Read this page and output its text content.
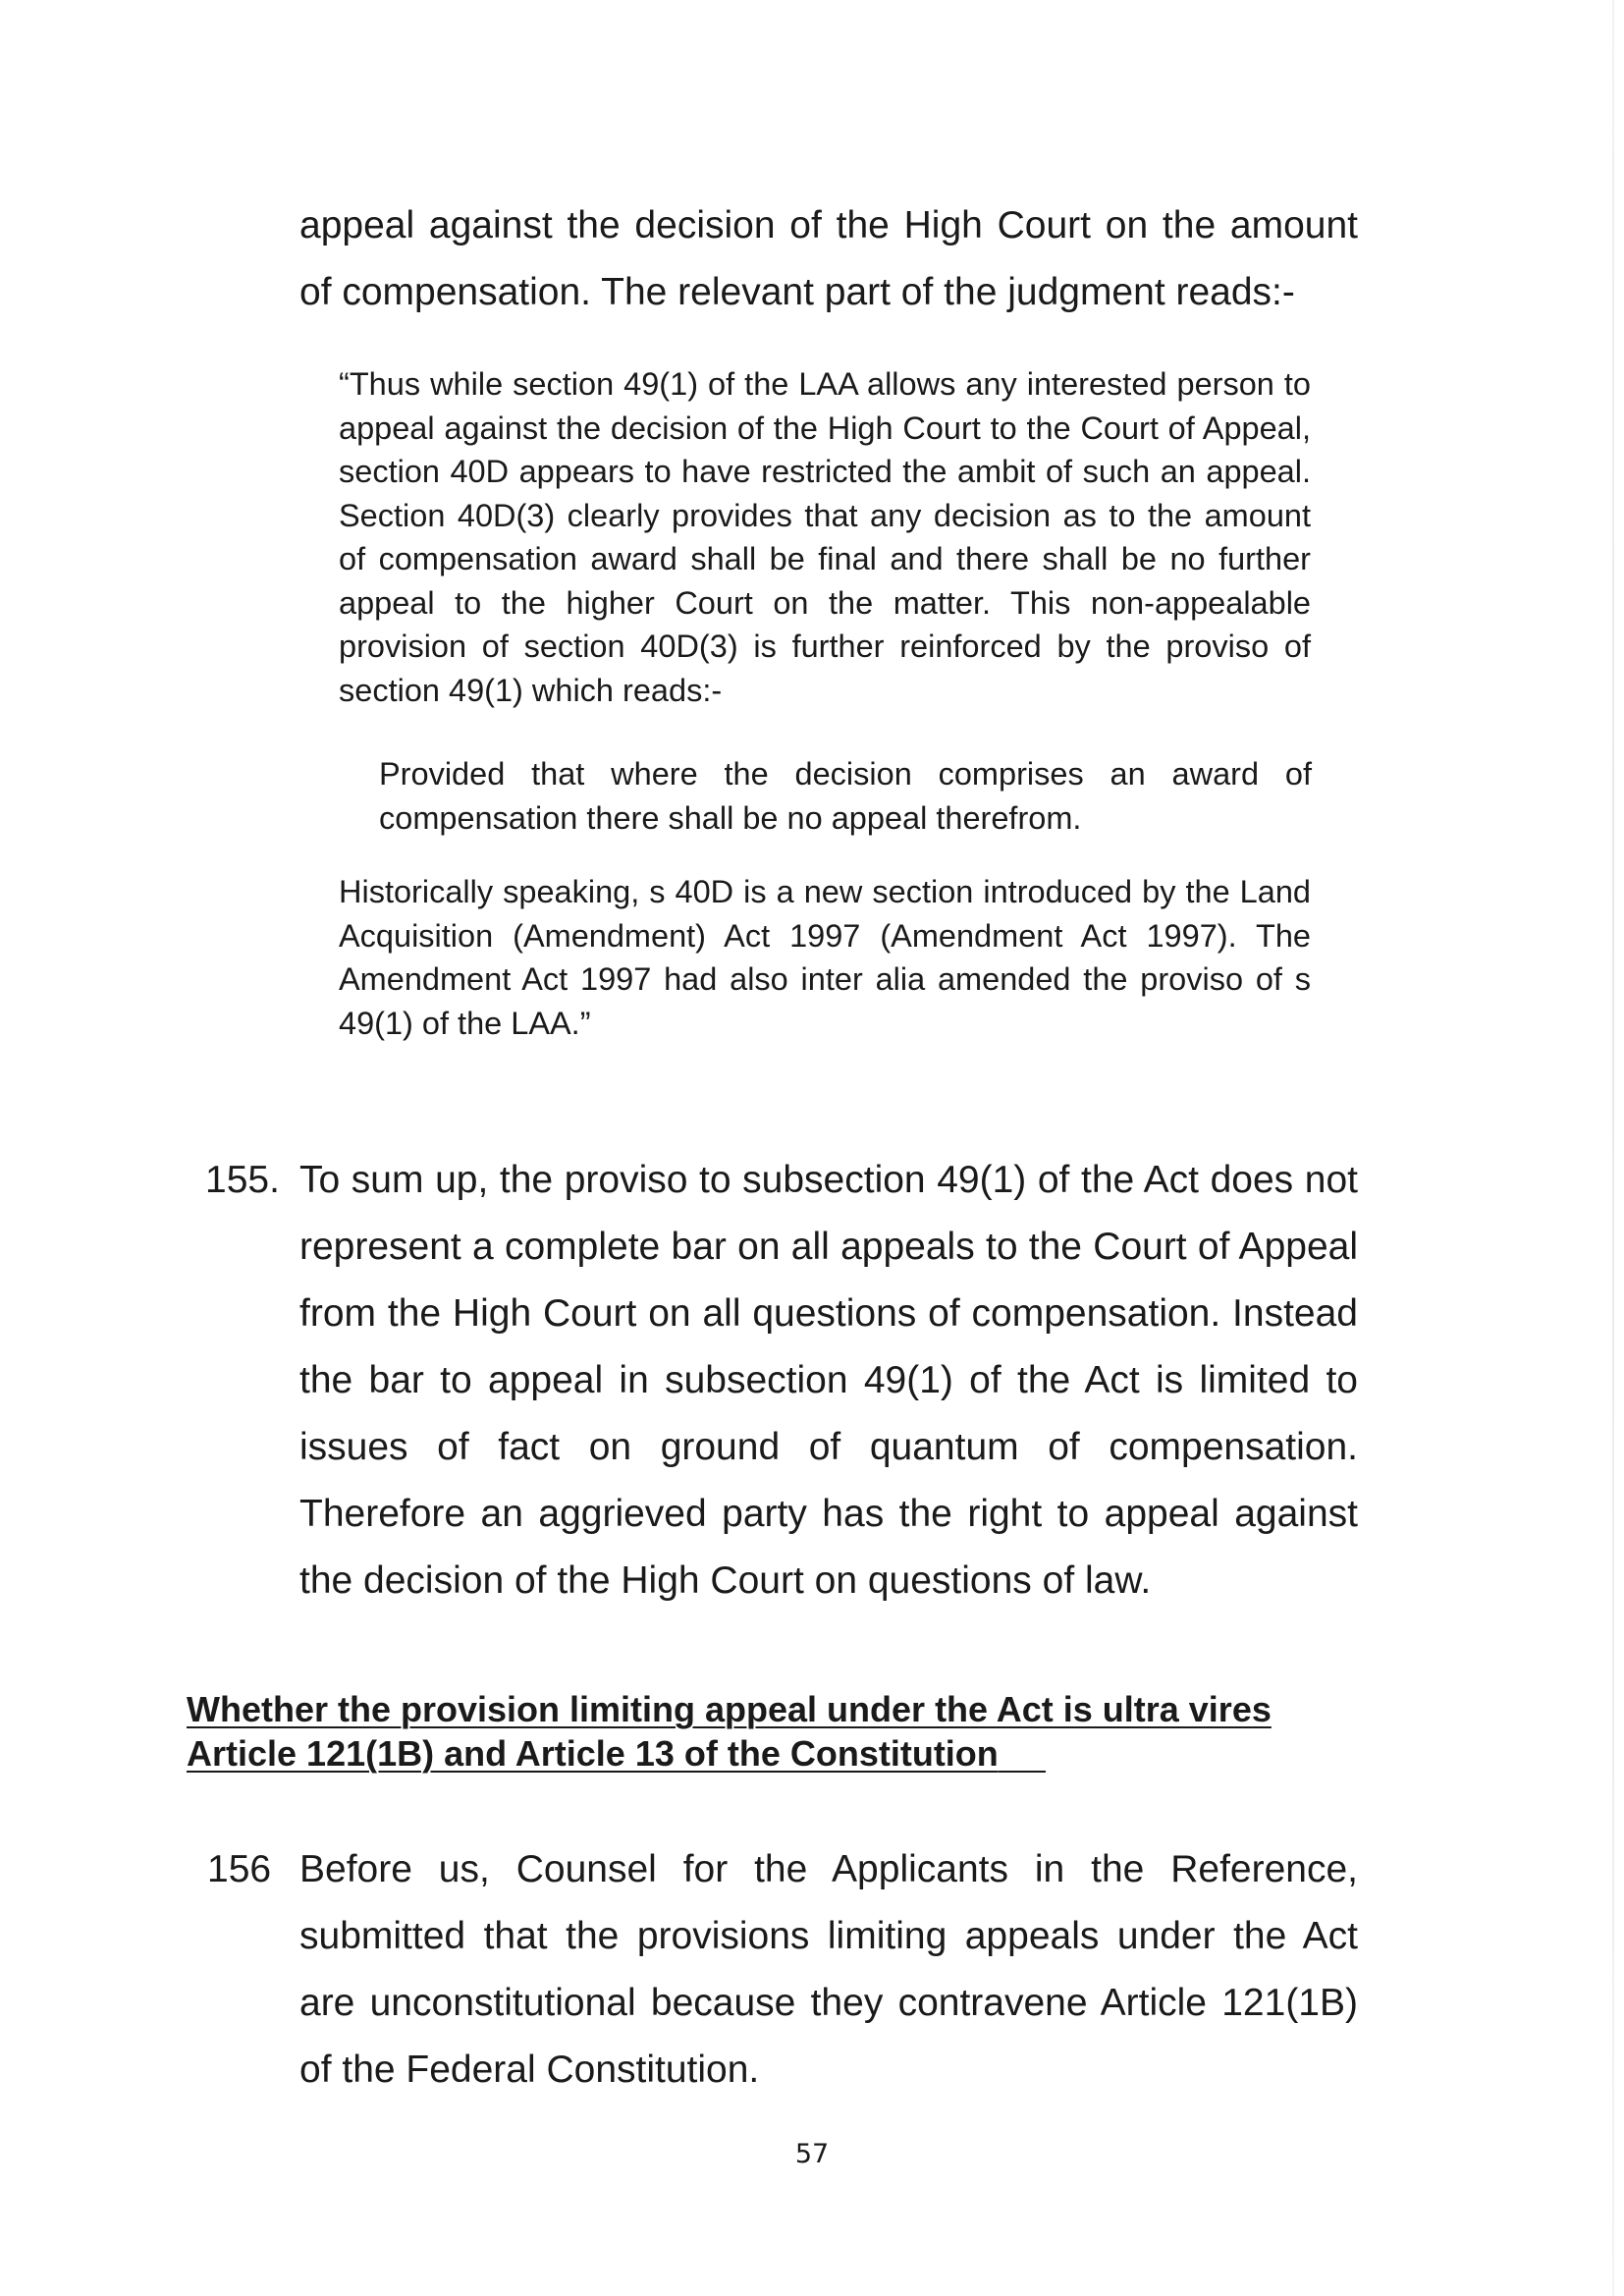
appeal against the decision of the High Court on the amount of compensation. The relevant part of the judgment reads:-

“Thus while section 49(1) of the LAA allows any interested person to appeal against the decision of the High Court to the Court of Appeal, section 40D appears to have restricted the ambit of such an appeal. Section 40D(3) clearly provides that any decision as to the amount of compensation award shall be final and there shall be no further appeal to the higher Court on the matter. This non-appealable provision of section 40D(3) is further reinforced by the proviso of section 49(1) which reads:-

Provided that where the decision comprises an award of compensation there shall be no appeal therefrom.

Historically speaking, s 40D is a new section introduced by the Land Acquisition (Amendment) Act 1997 (Amendment Act 1997). The Amendment Act 1997 had also inter alia amended the proviso of s 49(1) of the LAA.”

155. To sum up, the proviso to subsection 49(1) of the Act does not represent a complete bar on all appeals to the Court of Appeal from the High Court on all questions of compensation. Instead the bar to appeal in subsection 49(1) of the Act is limited to issues of fact on ground of quantum of compensation. Therefore an aggrieved party has the right to appeal against the decision of the High Court on questions of law.

Whether the provision limiting appeal under the Act is ultra vires
Article 121(1B) and Article 13 of the Constitution
156 Before us, Counsel for the Applicants in the Reference, submitted that the provisions limiting appeals under the Act are unconstitutional because they contravene Article 121(1B) of the Federal Constitution.

57
